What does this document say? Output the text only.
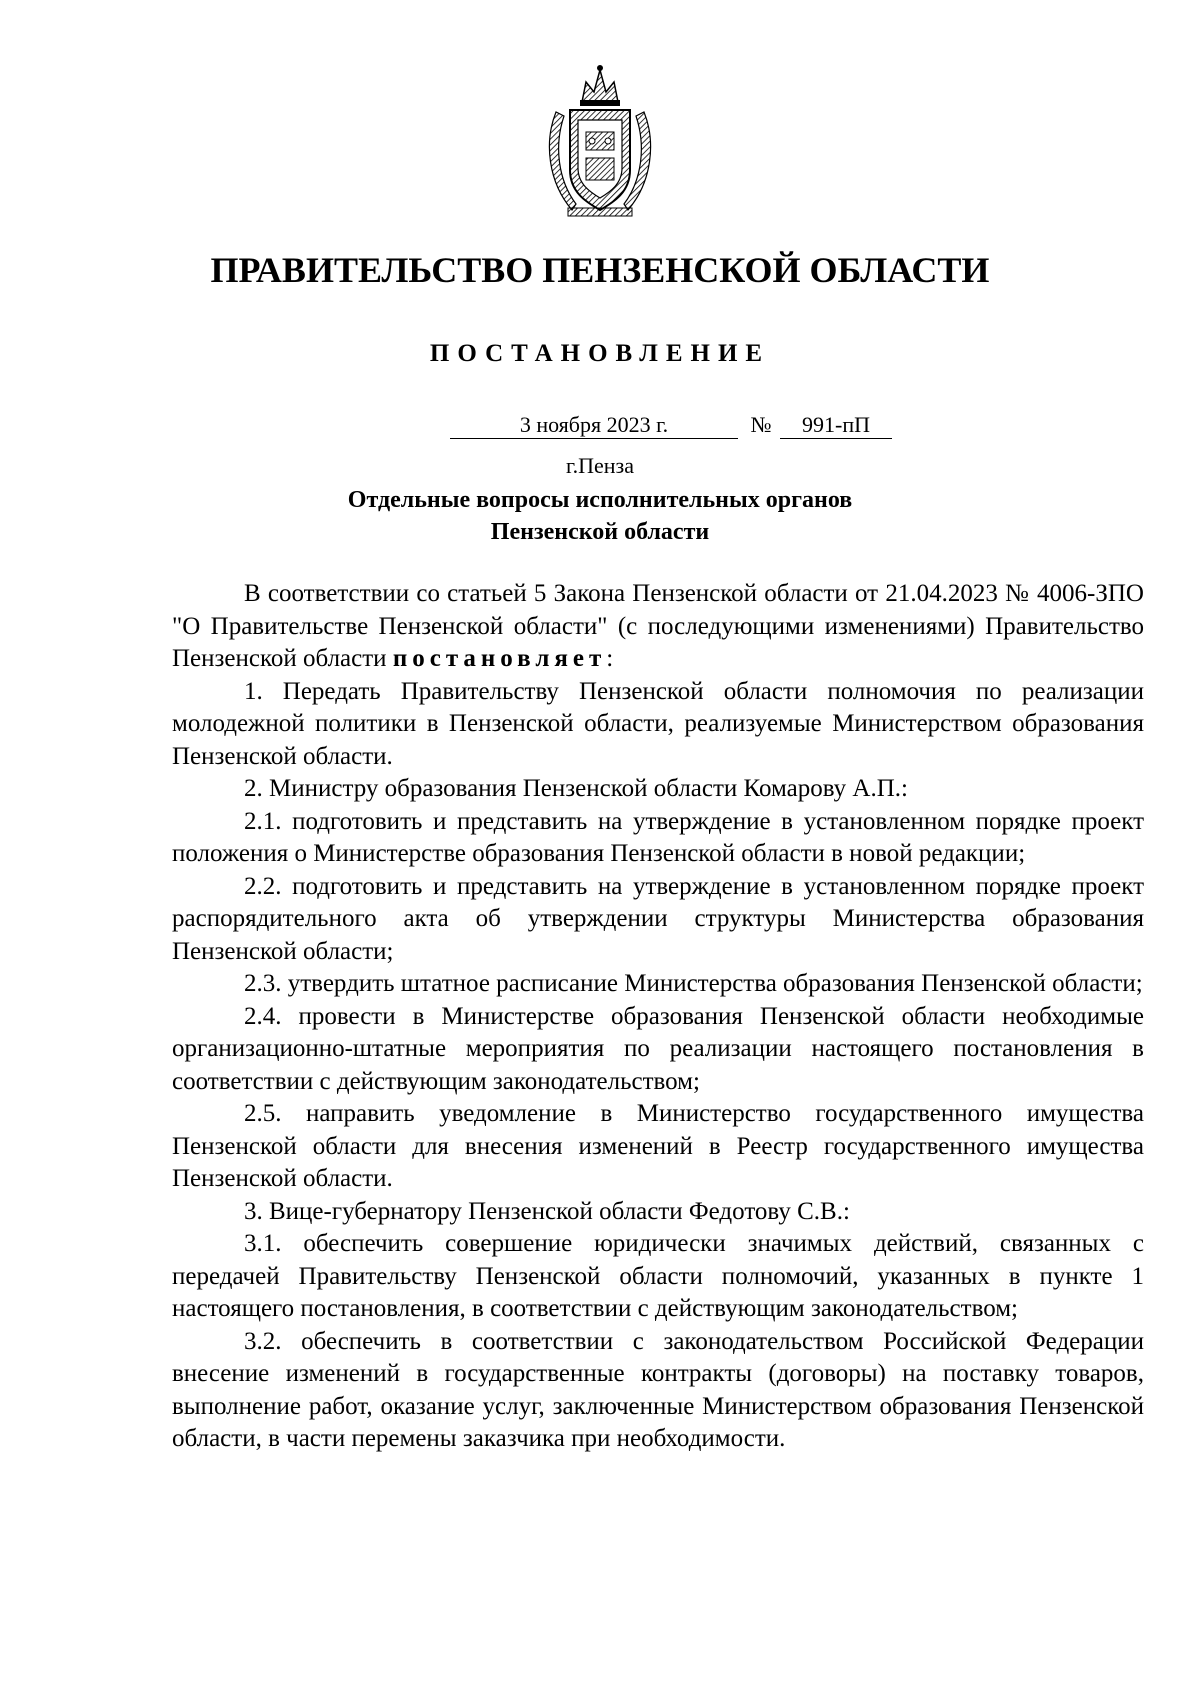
ПРАВИТЕЛЬСТВО ПЕНЗЕНСКОЙ ОБЛАСТИ
ПОСТАНОВЛЕНИЕ
3 ноября 2023 г.	№	991-пП
г.Пенза
Отдельные вопросы исполнительных органов
Пензенской области

В соответствии со статьей 5 Закона Пензенской области от 21.04.2023 № 4006-ЗПО "О Правительстве Пензенской области" (с последующими изменениями) Правительство Пензенской области постановляет:

1. Передать Правительству Пензенской области полномочия по реализации молодежной политики в Пензенской области, реализуемые Министерством образования Пензенской области.

2. Министру образования Пензенской области Комарову А.П.:

2.1. подготовить и представить на утверждение в установленном порядке проект положения о Министерстве образования Пензенской области в новой редакции;

2.2. подготовить и представить на утверждение в установленном порядке проект распорядительного акта об утверждении структуры Министерства образования Пензенской области;

2.3. утвердить штатное расписание Министерства образования Пензенской области;

2.4. провести в Министерстве образования Пензенской области необходимые организационно-штатные мероприятия по реализации настоящего постановления в соответствии с действующим законодательством;

2.5. направить уведомление в Министерство государственного имущества Пензенской области для внесения изменений в Реестр государственного имущества Пензенской области.

3. Вице-губернатору Пензенской области Федотову С.В.:

3.1. обеспечить совершение юридически значимых действий, связанных с передачей Правительству Пензенской области полномочий, указанных в пункте 1 настоящего постановления, в соответствии с действующим законодательством;

3.2. обеспечить в соответствии с законодательством Российской Федерации внесение изменений в государственные контракты (договоры) на поставку товаров, выполнение работ, оказание услуг, заключенные Министерством образования Пензенской области, в части перемены заказчика при необходимости.
